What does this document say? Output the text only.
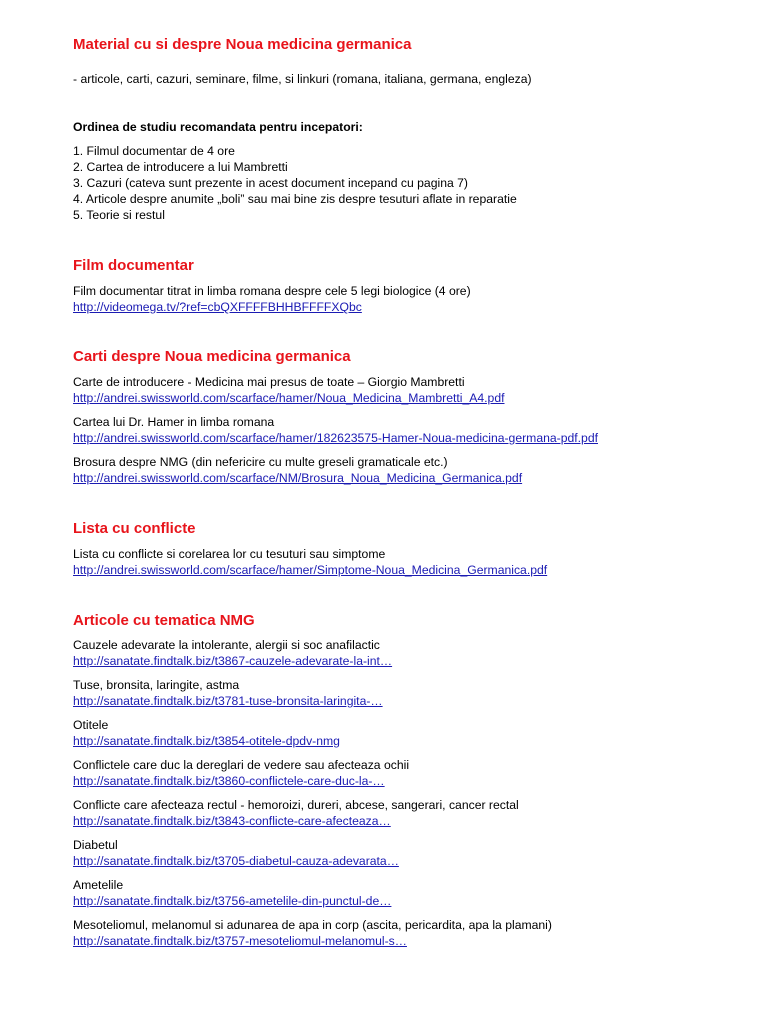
Material cu si despre Noua medicina germanica
- articole, carti, cazuri, seminare, filme, si linkuri (romana, italiana, germana, engleza)
Ordinea de studiu recomandata pentru incepatori:
1. Filmul documentar de 4 ore
2. Cartea de introducere a lui Mambretti
3. Cazuri (cateva sunt prezente in acest document incepand cu pagina 7)
4. Articole despre anumite „boli” sau mai bine zis despre tesuturi aflate in reparatie
5. Teorie si restul
Film documentar
Film documentar titrat in limba romana despre cele 5 legi biologice (4 ore)
http://videomega.tv/?ref=cbQXFFFFBHHBFFFFXQbc
Carti despre Noua medicina germanica
Carte de introducere - Medicina mai presus de toate – Giorgio Mambretti
http://andrei.swissworld.com/scarface/hamer/Noua_Medicina_Mambretti_A4.pdf
Cartea lui Dr. Hamer in limba romana
http://andrei.swissworld.com/scarface/hamer/182623575-Hamer-Noua-medicina-germana-pdf.pdf
Brosura despre NMG (din nefericire cu multe greseli gramaticale etc.)
http://andrei.swissworld.com/scarface/NM/Brosura_Noua_Medicina_Germanica.pdf
Lista cu conflicte
Lista cu conflicte si corelarea lor cu tesuturi sau simptome
http://andrei.swissworld.com/scarface/hamer/Simptome-Noua_Medicina_Germanica.pdf
Articole cu tematica NMG
Cauzele adevarate la intolerante, alergii si soc anafilactic
http://sanatate.findtalk.biz/t3867-cauzele-adevarate-la-int…
Tuse, bronsita, laringite, astma
http://sanatate.findtalk.biz/t3781-tuse-bronsita-laringita-…
Otitele
http://sanatate.findtalk.biz/t3854-otitele-dpdv-nmg
Conflictele care duc la dereglari de vedere sau afecteaza ochii
http://sanatate.findtalk.biz/t3860-conflictele-care-duc-la-…
Conflicte care afecteaza rectul - hemoroizi, dureri, abcese, sangerari, cancer rectal
http://sanatate.findtalk.biz/t3843-conflicte-care-afecteaza…
Diabetul
http://sanatate.findtalk.biz/t3705-diabetul-cauza-adevarata…
Ametelile
http://sanatate.findtalk.biz/t3756-ametelile-din-punctul-de…
Mesoteliomul, melanomul si adunarea de apa in corp (ascita, pericardita, apa la plamani)
http://sanatate.findtalk.biz/t3757-mesoteliomul-melanomul-s…
